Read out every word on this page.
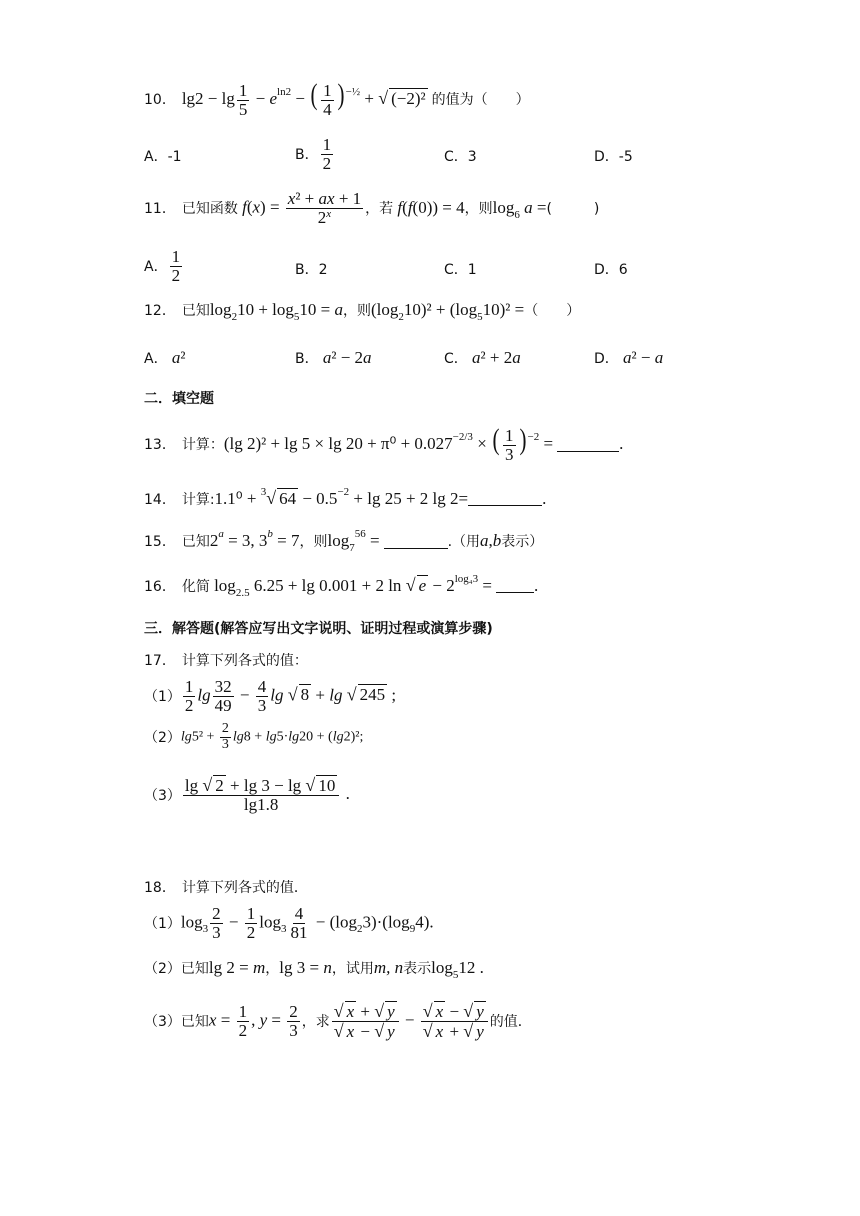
10． $\lg 2 - \lg \frac{1}{5} - e^{ln2}$ − ( $\frac{1}{4}$ ) $^{-\frac{1}{2}}$ + √ (−2)² 的值为（　　）
A．-1	B． $\frac{1}{2}$	C．3	D．-5
11． 已知函数 $f(x) = \frac{\text{x² + ax + 1}}{2^x}$ ，若 f(f(0)) = 4 ，则 $\log_6 a$ = (　　　)
A． $\frac{1}{2}$	B．2	C．1	D．6
12． 已知 $\log_210 + \log_510 = a$ ，则 $(\log_210)^2 + (\log_510)^2$ = （　　）
A． a²	B． a² − 2a	C． a² + 2a	D． a² − a
二．填空题
13． 计算： (lg $2)^2 + \lg 5 \times \lg 20 + \pi^0 + 0.027^{-2/3}$ × ( $\frac{1}{3}$ ) $^{-2}$ =	.
14． 计算: 1.1⁰ + $^3$√ $64 - 0.5^{-2} + \lg 25 + 2$ lg 2=	.
15． 已知 $2^a = 3$, $3^b = 7$ ，则 $\log_7^{56}$ =	.（用 a , b 表示）
16． 化简 $\log_{2.5} 6.25 + \lg 0.001 + 2$ ln √ $e - 2^{log_43}$ = .
三．解答题(解答应写出文字说明、证明过程或演算步骤)
17． 计算下列各式的值：
$(1) \frac{1}{2}$ $\lg \frac{32}{49} - \frac{4}{3}$ lg √ 8 + lg √ 245 ;
（2） $\lg 5^2 + \frac{2}{3} \lg 8 + \lg 5\cdot\lg 20 + (\lg 2)^2$;
$(3) \frac{\lg √ 2 + \lg 3 - \lg √ 10}{\lg 1.8}$ .
18． 计算下列各式的值．
（1） $\log_3 \frac{2}{3} - \frac{1}{2} \log_3 \frac{4}{81} - (\log_23)\cdot(\log_94)$.
（2）已知 lg 2 = m ， lg 3 = n ，试用 m, n 表示 $\log_512$ .
（3）已知 $x = \frac{1}{2}$ , $y = \frac{2}{3}$ ，求 $\frac{√ x + √ y}{√ x - √ y} - \frac{√ x - √ y}{√ x + √ y}$ 的值．
